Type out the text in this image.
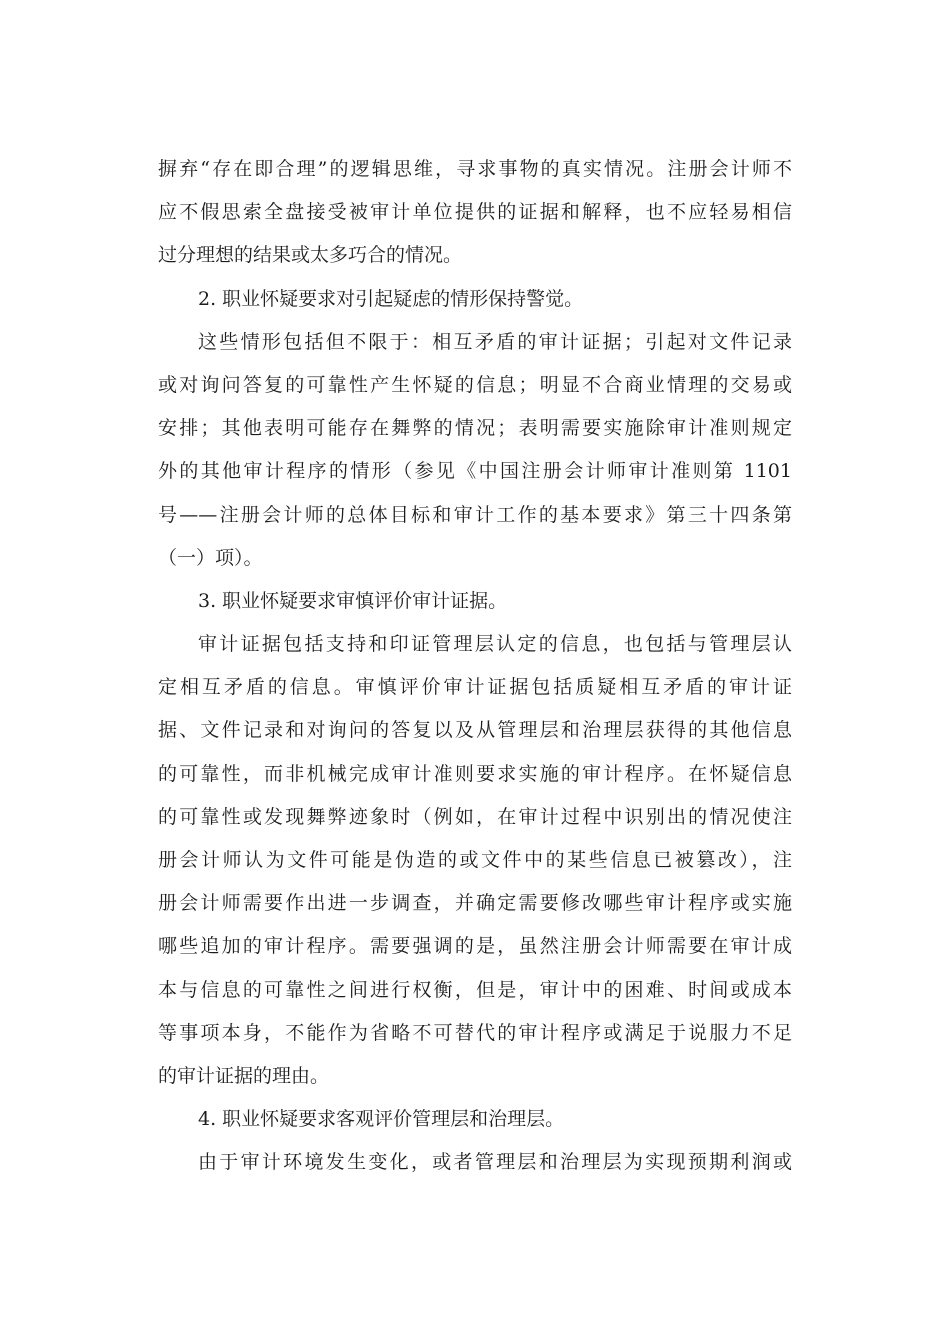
摒弃“存在即合理”的逻辑思维，寻求事物的真实情况。注册会计师不
应不假思索全盘接受被审计单位提供的证据和解释，也不应轻易相信
过分理想的结果或太多巧合的情况。
2. 职业怀疑要求对引起疑虑的情形保持警觉。
这些情形包括但不限于：相互矛盾的审计证据；引起对文件记录
或对询问答复的可靠性产生怀疑的信息；明显不合商业情理的交易或
安排；其他表明可能存在舞弊的情况；表明需要实施除审计准则规定
外的其他审计程序的情形（参见《中国注册会计师审计准则第 1101
号——注册会计师的总体目标和审计工作的基本要求》第三十四条第
（一）项）。
3. 职业怀疑要求审慎评价审计证据。
审计证据包括支持和印证管理层认定的信息，也包括与管理层认
定相互矛盾的信息。审慎评价审计证据包括质疑相互矛盾的审计证
据、文件记录和对询问的答复以及从管理层和治理层获得的其他信息
的可靠性，而非机械完成审计准则要求实施的审计程序。在怀疑信息
的可靠性或发现舞弊迹象时（例如，在审计过程中识别出的情况使注
册会计师认为文件可能是伪造的或文件中的某些信息已被篡改），注
册会计师需要作出进一步调查，并确定需要修改哪些审计程序或实施
哪些追加的审计程序。需要强调的是，虽然注册会计师需要在审计成
本与信息的可靠性之间进行权衡，但是，审计中的困难、时间或成本
等事项本身，不能作为省略不可替代的审计程序或满足于说服力不足
的审计证据的理由。
4. 职业怀疑要求客观评价管理层和治理层。
由于审计环境发生变化，或者管理层和治理层为实现预期利润或
